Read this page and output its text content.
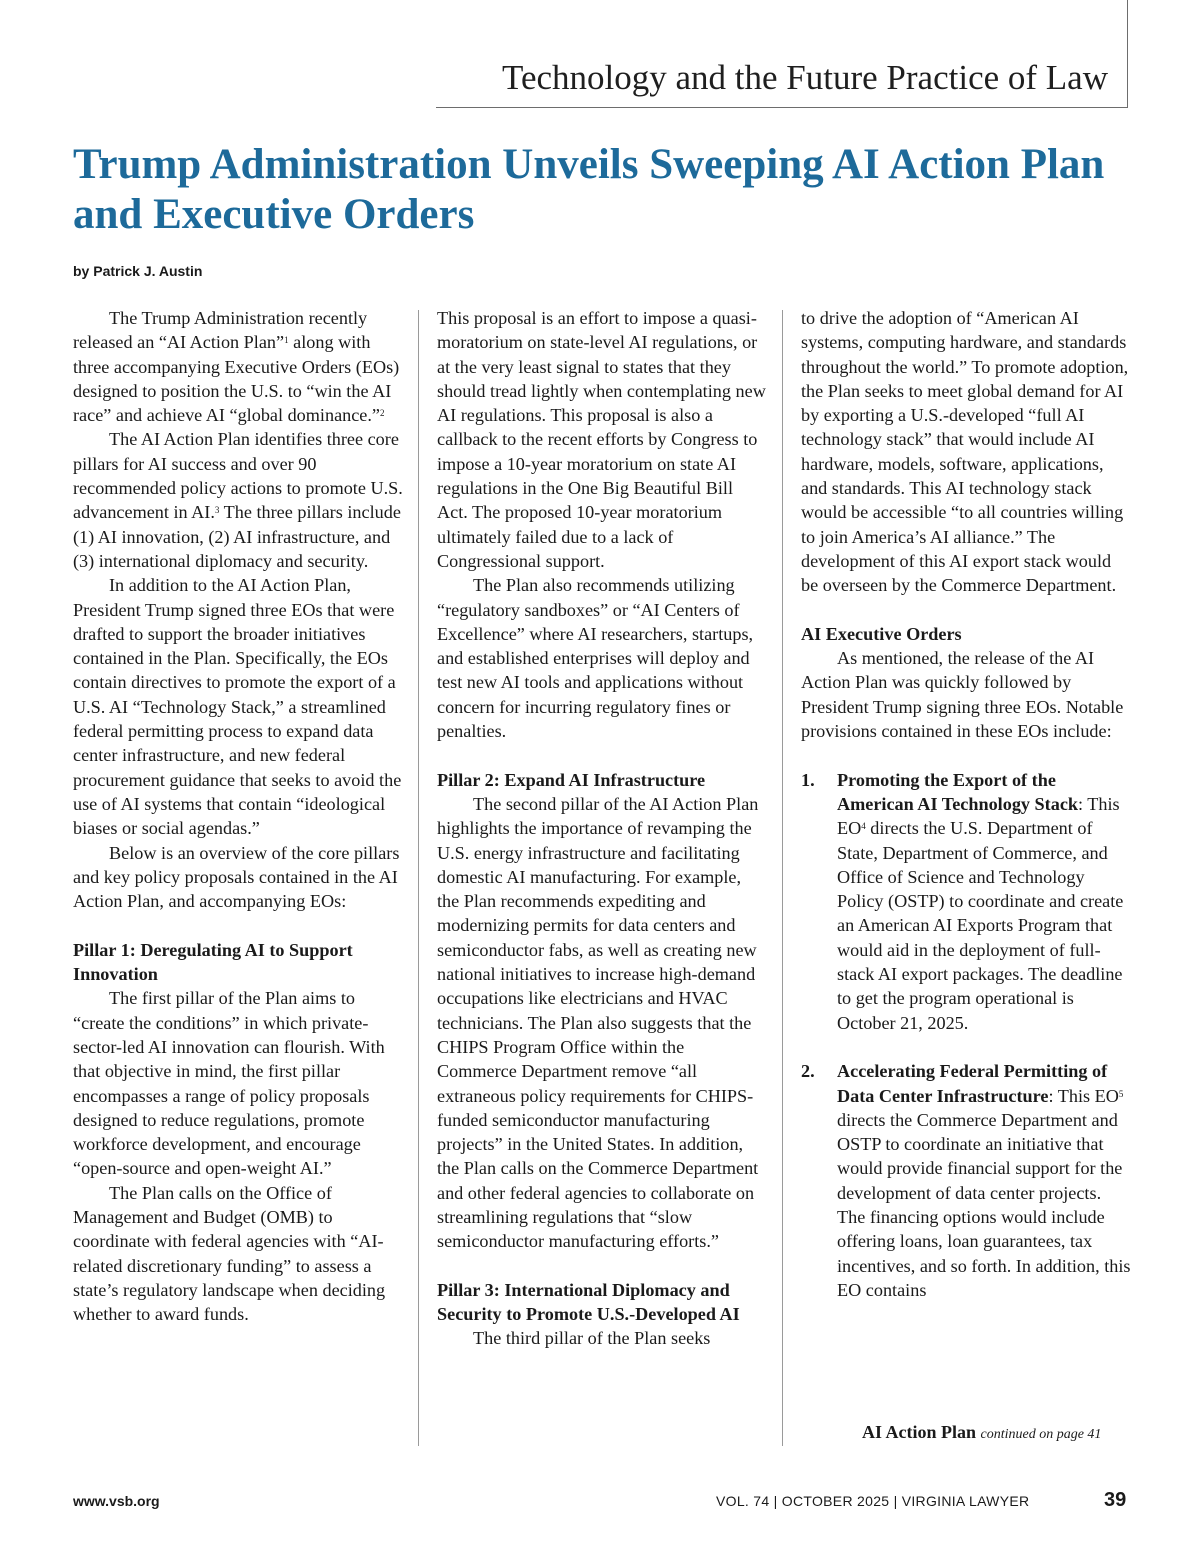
Technology and the Future Practice of Law
Trump Administration Unveils Sweeping AI Action Plan and Executive Orders
by Patrick J. Austin

The Trump Administration recently released an “AI Action Plan”$^1$ along with three accompanying Executive Orders (EOs) designed to position the U.S. to “win the AI race” and achieve AI “global dominance.”$^2$

The AI Action Plan identifies three core pillars for AI success and over 90 recommended policy actions to promote U.S. advancement in AI.$^3$ The three pillars include (1) AI innovation, (2) AI infrastructure, and (3) international diplomacy and security.

In addition to the AI Action Plan, President Trump signed three EOs that were drafted to support the broader initiatives contained in the Plan. Specifically, the EOs contain directives to promote the export of a U.S. AI “Technology Stack,” a streamlined federal permitting process to expand data center infrastructure, and new federal procurement guidance that seeks to avoid the use of AI systems that contain “ideological biases or social agendas.”

Below is an overview of the core pillars and key policy proposals contained in the AI Action Plan, and accompanying EOs:

Pillar 1: Deregulating AI to Support Innovation

The first pillar of the Plan aims to “create the conditions” in which private-sector-led AI innovation can flourish. With that objective in mind, the first pillar encompasses a range of policy proposals designed to reduce regulations, promote workforce development, and encourage “open-source and open-weight AI.”

The Plan calls on the Office of Management and Budget (OMB) to coordinate with federal agencies with “AI-related discretionary funding” to assess a state’s regulatory landscape when deciding whether to award funds.

This proposal is an effort to impose a quasi-moratorium on state-level AI regulations, or at the very least signal to states that they should tread lightly when contemplating new AI regulations. This proposal is also a callback to the recent efforts by Congress to impose a 10-year moratorium on state AI regulations in the One Big Beautiful Bill Act. The proposed 10-year moratorium ultimately failed due to a lack of Congressional support.

The Plan also recommends utilizing “regulatory sandboxes” or “AI Centers of Excellence” where AI researchers, startups, and established enterprises will deploy and test new AI tools and applications without concern for incurring regulatory fines or penalties.

Pillar 2: Expand AI Infrastructure

The second pillar of the AI Action Plan highlights the importance of revamping the U.S. energy infrastructure and facilitating domestic AI manufacturing. For example, the Plan recommends expediting and modernizing permits for data centers and semiconductor fabs, as well as creating new national initiatives to increase high-demand occupations like electricians and HVAC technicians. The Plan also suggests that the CHIPS Program Office within the Commerce Department remove “all extraneous policy requirements for CHIPS-funded semiconductor manufacturing projects” in the United States. In addition, the Plan calls on the Commerce Department and other federal agencies to collaborate on streamlining regulations that “slow semiconductor manufacturing efforts.”

Pillar 3: International Diplomacy and Security to Promote U.S.-Developed AI

The third pillar of the Plan seeks

to drive the adoption of “American AI systems, computing hardware, and standards throughout the world.” To promote adoption, the Plan seeks to meet global demand for AI by exporting a U.S.-developed “full AI technology stack” that would include AI hardware, models, software, applications, and standards. This AI technology stack would be accessible “to all countries willing to join America’s AI alliance.” The development of this AI export stack would be overseen by the Commerce Department.

AI Executive Orders

As mentioned, the release of the AI Action Plan was quickly followed by President Trump signing three EOs. Notable provisions contained in these EOs include:

1.	Promoting the Export of the American AI Technology Stack: This $EO^4$ directs the U.S. Department of State, Department of Commerce, and Office of Science and Technology Policy (OSTP) to coordinate and create an American AI Exports Program that would aid in the deployment of full-stack AI export packages. The deadline to get the program operational is October 21, 2025.
2.	Accelerating Federal Permitting of Data Center Infrastructure: This $EO^5$ directs the Commerce Department and OSTP to coordinate an initiative that would provide financial support for the development of data center projects. The financing options would include offering loans, loan guarantees, tax incentives, and so forth. In addition, this EO contains
AI Action Plan continued on page 41
www.vsb.org	VOL. 74 | OCTOBER 2025 | VIRGINIA LAWYER	39
